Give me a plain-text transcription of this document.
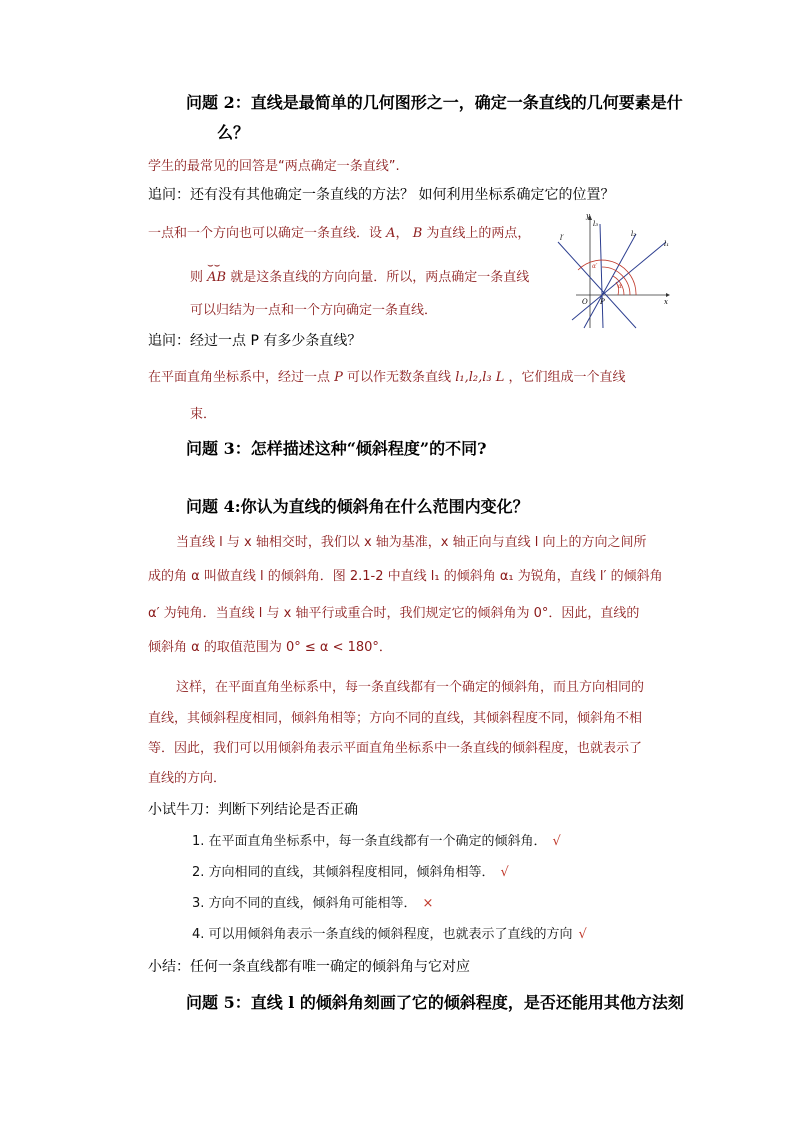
问题 2：直线是最简单的几何图形之一，确定一条直线的几何要素是什
么？
学生的最常见的回答是“两点确定一条直线”.
追问：还有没有其他确定一条直线的方法？ 如何利用坐标系确定它的位置？
一点和一个方向也可以确定一条直线．设 A， B 为直线上的两点，
则
⌣⌣
AB 就是这条直线的方向向量．所以，两点确定一条直线
可以归结为一点和一个方向确定一条直线．
y
x
O P
l₁
l₂
l₃
l′
α′
α
追问：经过一点 P 有多少条直线？
在平面直角坐标系中，经过一点 P 可以作无数条直线 l₁,l₂,l₃ L ，它们组成一个直线
束．
问题 3：怎样描述这种“倾斜程度”的不同?
问题 4:你认为直线的倾斜角在什么范围内变化？
当直线 l 与 x 轴相交时，我们以 x 轴为基准，x 轴正向与直线 l 向上的方向之间所
成的角 α 叫做直线 l 的倾斜角．图 2.1-2 中直线 l₁ 的倾斜角 α₁ 为锐角，直线 l′ 的倾斜角
α′ 为钝角．当直线 l 与 x 轴平行或重合时，我们规定它的倾斜角为 0°．因此，直线的
倾斜角 α 的取值范围为 0° ≤ α < 180°．
这样，在平面直角坐标系中，每一条直线都有一个确定的倾斜角，而且方向相同的
直线，其倾斜程度相同，倾斜角相等；方向不同的直线，其倾斜程度不同，倾斜角不相
等．因此，我们可以用倾斜角表示平面直角坐标系中一条直线的倾斜程度，也就表示了
直线的方向．
小试牛刀：判断下列结论是否正确
1. 在平面直角坐标系中，每一条直线都有一个确定的倾斜角． √
2. 方向相同的直线，其倾斜程度相同，倾斜角相等． √
3. 方向不同的直线，倾斜角可能相等． ×
4. 可以用倾斜角表示一条直线的倾斜程度，也就表示了直线的方向 √
小结：任何一条直线都有唯一确定的倾斜角与它对应
问题 5：直线 l 的倾斜角刻画了它的倾斜程度，是否还能用其他方法刻
